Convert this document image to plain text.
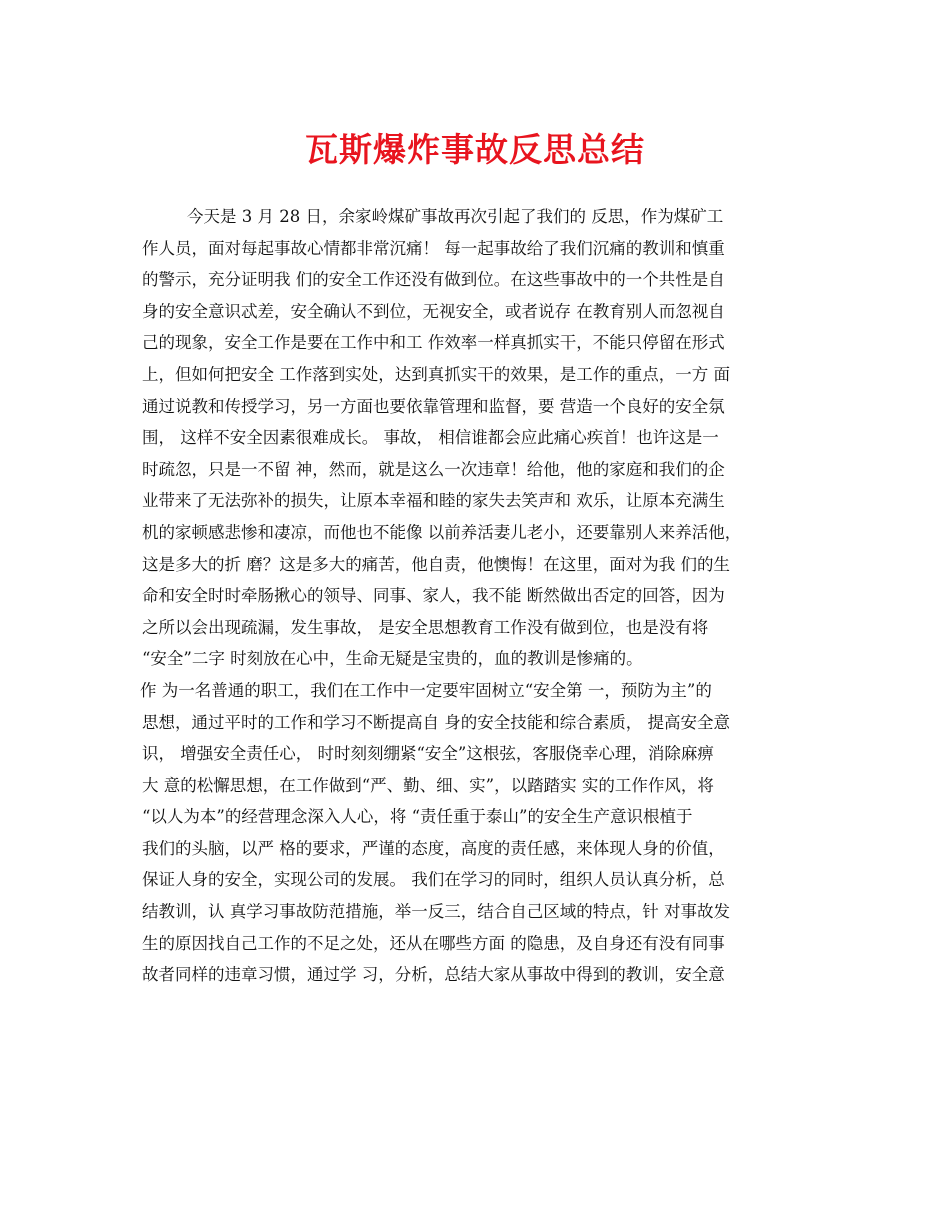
瓦斯爆炸事故反思总结
今天是 3 月 28 日，余家岭煤矿事故再次引起了我们的 反思，作为煤矿工
作人员，面对每起事故心情都非常沉痛！ 每一起事故给了我们沉痛的教训和慎重
的警示，充分证明我 们的安全工作还没有做到位。在这些事故中的一个共性是自
身的安全意识忒差，安全确认不到位，无视安全，或者说存 在教育别人而忽视自
己的现象，安全工作是要在工作中和工 作效率一样真抓实干，不能只停留在形式
上，但如何把安全 工作落到实处，达到真抓实干的效果，是工作的重点，一方 面
通过说教和传授学习，另一方面也要依靠管理和监督，要 营造一个良好的安全氛
围， 这样不安全因素很难成长。 事故， 相信谁都会应此痛心疾首！也许这是一
时疏忽，只是一不留 神，然而，就是这么一次违章！给他，他的家庭和我们的企
业带来了无法弥补的损失，让原本幸福和睦的家失去笑声和 欢乐，让原本充满生
机的家顿感悲惨和凄凉，而他也不能像 以前养活妻儿老小，还要靠别人来养活他，
这是多大的折 磨？这是多大的痛苦，他自责，他懊悔！在这里，面对为我 们的生
命和安全时时牵肠揪心的领导、同事、家人，我不能 断然做出否定的回答，因为
之所以会出现疏漏，发生事故， 是安全思想教育工作没有做到位，也是没有将
“安全”二字 时刻放在心中，生命无疑是宝贵的，血的教训是惨痛的。
作 为一名普通的职工，我们在工作中一定要牢固树立“安全第 一，预防为主”的
思想，通过平时的工作和学习不断提高自 身的安全技能和综合素质， 提高安全意
识， 增强安全责任心， 时时刻刻绷紧“安全”这根弦，客服侥幸心理，消除麻痹
大 意的松懈思想，在工作做到“严、勤、细、实”，以踏踏实 实的工作作风，将
“以人为本”的经营理念深入人心，将 “责任重于泰山”的安全生产意识根植于
我们的头脑，以严 格的要求，严谨的态度，高度的责任感，来体现人身的价值，
保证人身的安全，实现公司的发展。 我们在学习的同时，组织人员认真分析，总
结教训，认 真学习事故防范措施，举一反三，结合自己区域的特点，针 对事故发
生的原因找自己工作的不足之处，还从在哪些方面 的隐患，及自身还有没有同事
故者同样的违章习惯，通过学 习，分析，总结大家从事故中得到的教训，安全意
